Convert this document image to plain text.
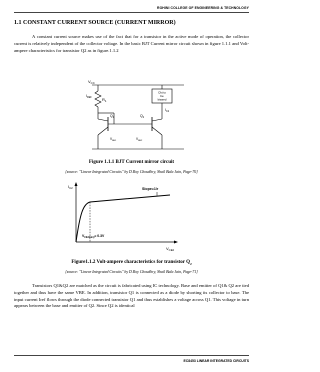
ROHINI COLLEGE OF ENGINEERING & TECHNOLOGY
1.1 CONSTANT CURRENT SOURCE (CURRENT MIRROR)
A constant current source makes use of the fact that for a transistor in the active mode of operation, the collector current is relatively independent of the collector voltage. In the basic BJT Current mirror circuit shown in figure 1.1.1 and Volt-ampere characteristics for transistor Q2 as in figure.1.1.2
$V_{CC}$
$R_1$
$I_{REF}$
Ckt to
be
biased
$I_{C2}$
$Q_1$	$Q_2$
$V_{BE1}$	$V_{BE2}$
Figure 1.1.1 BJT Current mirror circuit
[source: "Linear Integrated Circuits" by D.Roy Choudhry, Shail Bala Jain, Page-70]
$I_{C2}$
$V_{CE2}$
Slope=1/r
$V_{CE2(min)}= 0.3V$
Figure1.1.2 Volt-ampere characteristics for transistor $Q_2$
[source: "Linear Integrated Circuits" by D.Roy Choudhry, Shail Bala Jain, Page-71]
Transistors Q1&Q2 are matched as the circuit is fabricated using IC technology. Base and emitter of Q1& Q2 are tied together and thus have the same VBE. In addition, transistor Q1 is connected as a diode by shorting its collector to base. The input current Iref flows through the diode connected transistor Q1 and thus establishes a voltage across Q1. This voltage in turn appears between the base and emitter of Q2. Since Q2 is identical
EC8453 LINEAR INTEGRATED CIRCUITS
